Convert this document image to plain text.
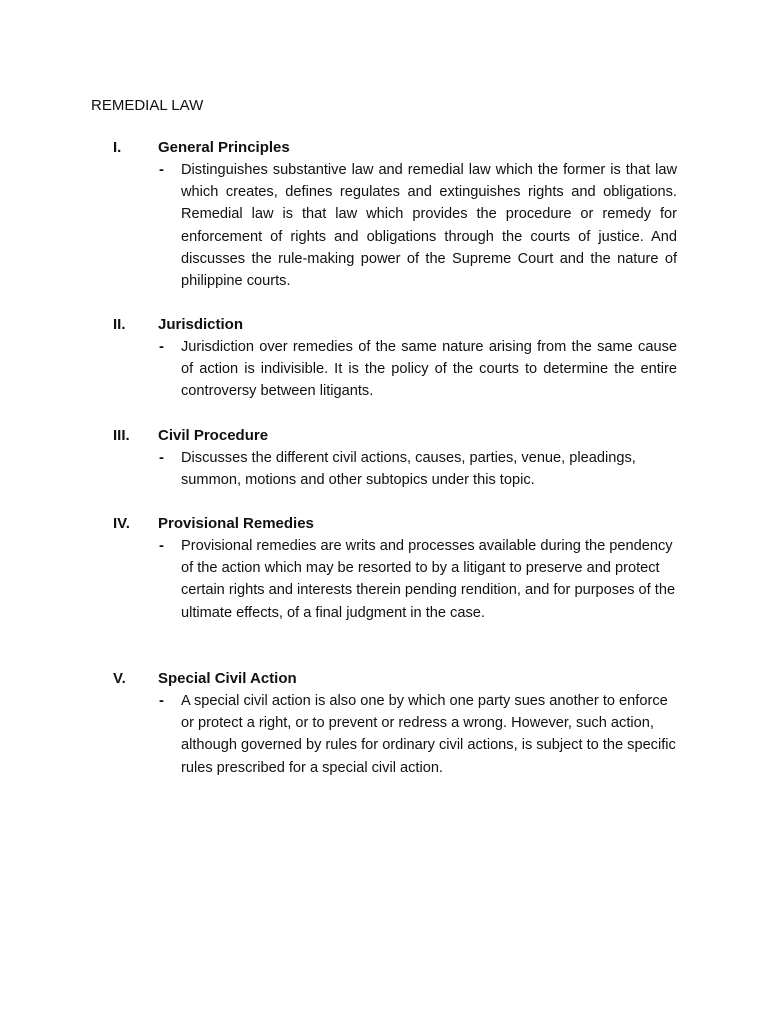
REMEDIAL LAW
I. General Principles
- Distinguishes substantive law and remedial law which the former is that law which creates, defines regulates and extinguishes rights and obligations. Remedial law is that law which provides the procedure or remedy for enforcement of rights and obligations through the courts of justice. And discusses the rule-making power of the Supreme Court and the nature of philippine courts.
II. Jurisdiction
- Jurisdiction over remedies of the same nature arising from the same cause of action is indivisible. It is the policy of the courts to determine the entire controversy between litigants.
III. Civil Procedure
- Discusses the different civil actions, causes, parties, venue, pleadings, summon, motions and other subtopics under this topic.
IV. Provisional Remedies
- Provisional remedies are writs and processes available during the pendency of the action which may be resorted to by a litigant to preserve and protect certain rights and interests therein pending rendition, and for purposes of the ultimate effects, of a final judgment in the case.
V. Special Civil Action
- A special civil action is also one by which one party sues another to enforce or protect a right, or to prevent or redress a wrong. However, such action, although governed by rules for ordinary civil actions, is subject to the specific rules prescribed for a special civil action.
